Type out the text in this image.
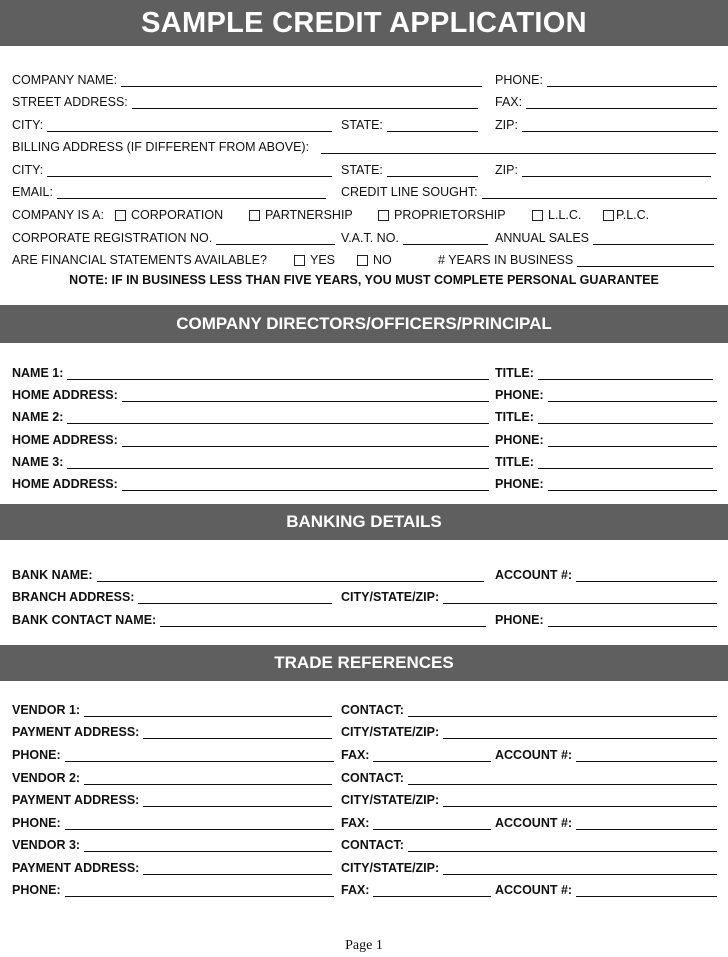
SAMPLE CREDIT APPLICATION
COMPANY NAME:	PHONE:
STREET ADDRESS:	FAX:
CITY:	STATE:	ZIP:
BILLING ADDRESS (IF DIFFERENT FROM ABOVE):
CITY:	STATE:	ZIP:
EMAIL:	CREDIT LINE SOUGHT:
COMPANY IS A: CORPORATION	PARTNERSHIP	PROPRIETORSHIP	L.L.C.	P.L.C.
CORPORATE REGISTRATION NO.	V.A.T. NO.	ANNUAL SALES
ARE FINANCIAL STATEMENTS AVAILABLE?	YES	NO	# YEARS IN BUSINESS
NOTE: IF IN BUSINESS LESS THAN FIVE YEARS, YOU MUST COMPLETE PERSONAL GUARANTEE
COMPANY DIRECTORS/OFFICERS/PRINCIPAL
NAME 1:	TITLE:
HOME ADDRESS:	PHONE:
NAME 2:	TITLE:
HOME ADDRESS:	PHONE:
NAME 3:	TITLE:
HOME ADDRESS:	PHONE:
BANKING DETAILS
BANK NAME:	ACCOUNT #:
BRANCH ADDRESS:	CITY/STATE/ZIP:
BANK CONTACT NAME:	PHONE:
TRADE REFERENCES
VENDOR 1:	CONTACT:
PAYMENT ADDRESS:	CITY/STATE/ZIP:
PHONE:	FAX:	ACCOUNT #:
VENDOR 2:	CONTACT:
PAYMENT ADDRESS:	CITY/STATE/ZIP:
PHONE:	FAX:	ACCOUNT #:
VENDOR 3:	CONTACT:
PAYMENT ADDRESS:	CITY/STATE/ZIP:
PHONE:	FAX:	ACCOUNT #:
Page 1
